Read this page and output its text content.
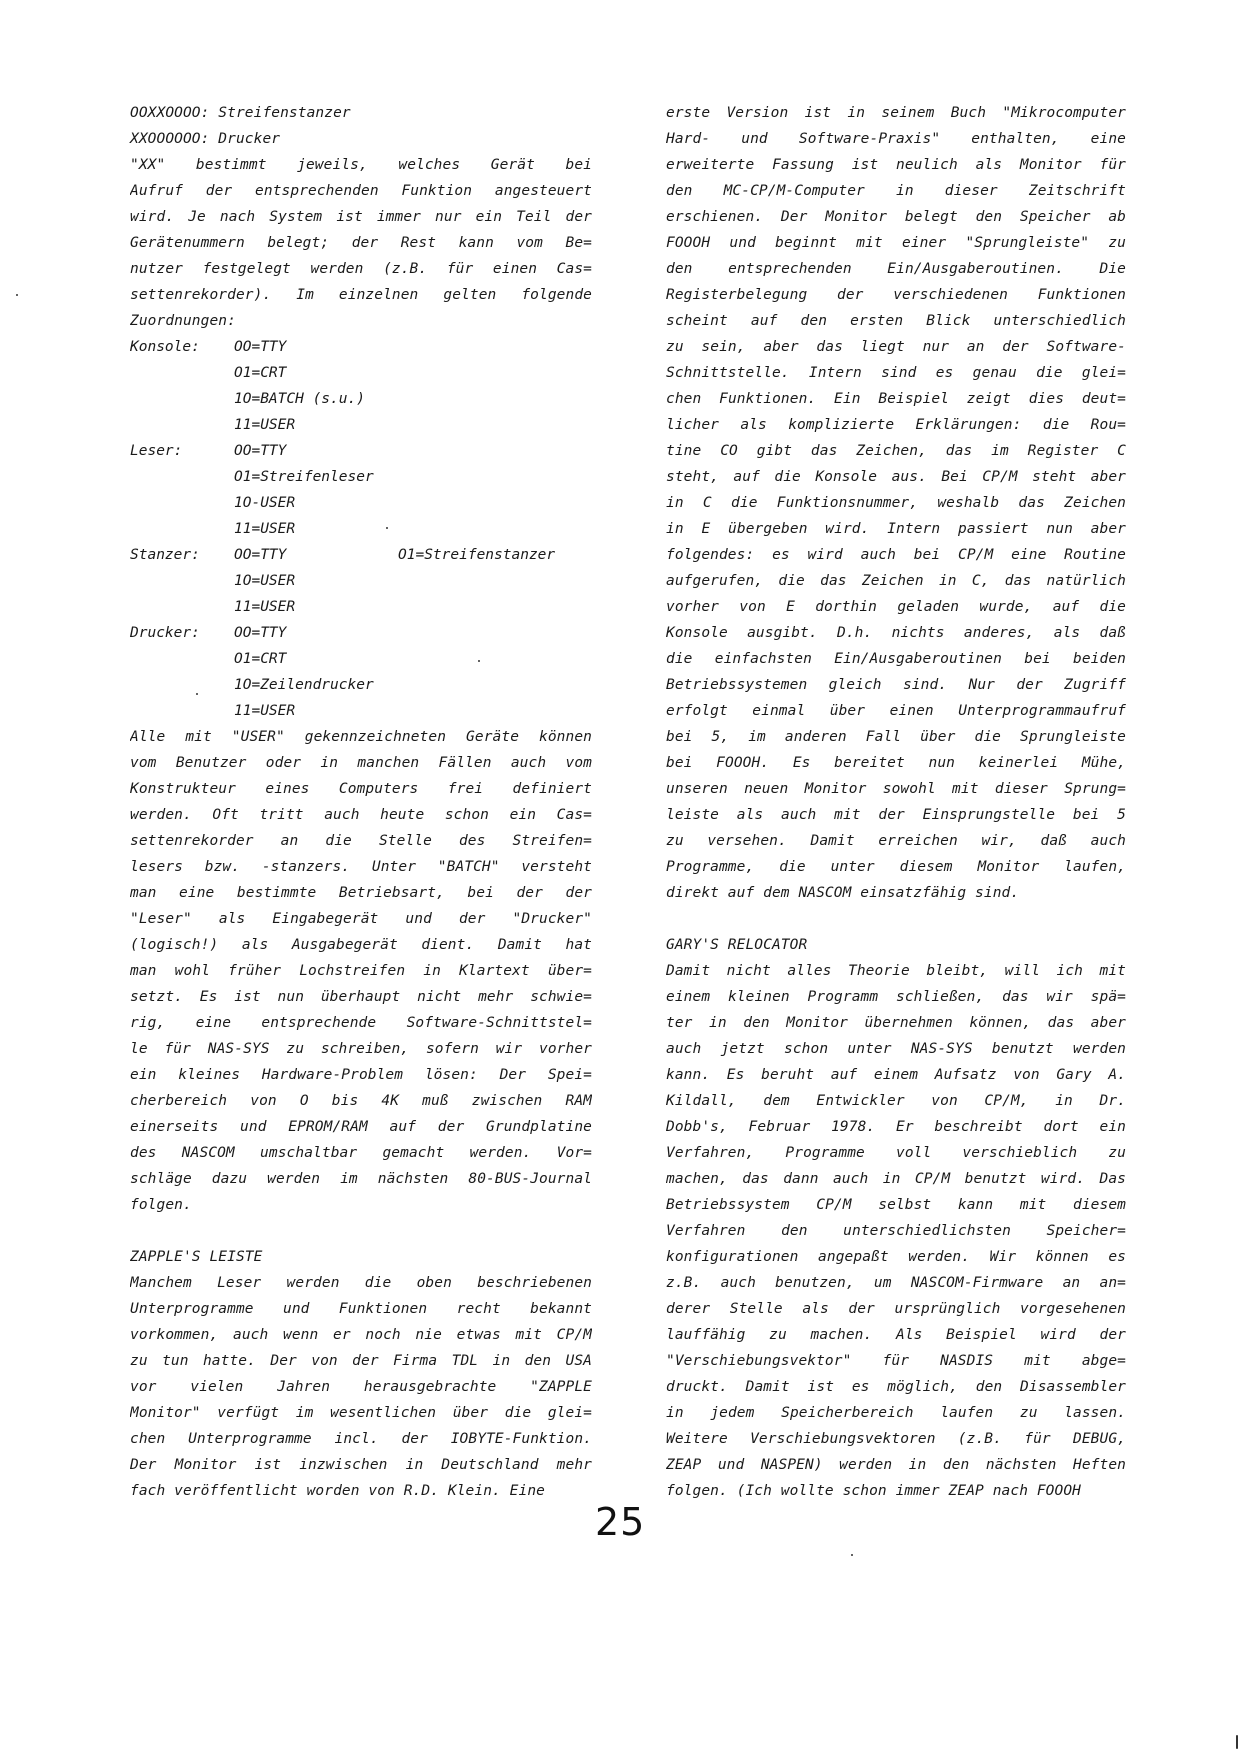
OOXXOOOO: Streifenstanzer
XXOOOOOO: Drucker
"XX" bestimmt jeweils, welches Gerät bei
Aufruf der entsprechenden Funktion angesteuert
wird. Je nach System ist immer nur ein Teil der
Gerätenummern belegt; der Rest kann vom Be=
nutzer festgelegt werden (z.B. für einen Cas=
settenrekorder). Im einzelnen gelten folgende
Zuordnungen:
Konsole: OO=TTY
O1=CRT
1O=BATCH (s.u.)
11=USER
Leser:	OO=TTY
O1=Streifenleser
1O-USER
11=USER
Stanzer: OO=TTY	O1=Streifenstanzer
1O=USER
11=USER
Drucker: OO=TTY
O1=CRT
1O=Zeilendrucker
11=USER
Alle mit "USER" gekennzeichneten Geräte können
vom Benutzer oder in manchen Fällen auch vom
Konstrukteur eines Computers frei definiert
werden. Oft tritt auch heute schon ein Cas=
settenrekorder an die Stelle des Streifen=
lesers bzw. -stanzers. Unter "BATCH" versteht
man eine bestimmte Betriebsart, bei der der
"Leser" als Eingabegerät und der "Drucker"
(logisch!) als Ausgabegerät dient. Damit hat
man wohl früher Lochstreifen in Klartext über=
setzt. Es ist nun überhaupt nicht mehr schwie=
rig, eine entsprechende Software-Schnittstel=
le für NAS-SYS zu schreiben, sofern wir vorher
ein kleines Hardware-Problem lösen: Der Spei=
cherbereich von O bis 4K muß zwischen RAM
einerseits und EPROM/RAM auf der Grundplatine
des NASCOM umschaltbar gemacht werden. Vor=
schläge dazu werden im nächsten 80-BUS-Journal
folgen.
ZAPPLE'S LEISTE
Manchem Leser werden die oben beschriebenen
Unterprogramme und Funktionen recht bekannt
vorkommen, auch wenn er noch nie etwas mit CP/M
zu tun hatte. Der von der Firma TDL in den USA
vor vielen Jahren herausgebrachte "ZAPPLE
Monitor" verfügt im wesentlichen über die glei=
chen Unterprogramme incl. der IOBYTE-Funktion.
Der Monitor ist inzwischen in Deutschland mehr
fach veröffentlicht worden von R.D. Klein. Eine
erste Version ist in seinem Buch "Mikrocomputer
Hard- und Software-Praxis" enthalten, eine
erweiterte Fassung ist neulich als Monitor für
den MC-CP/M-Computer in dieser Zeitschrift
erschienen. Der Monitor belegt den Speicher ab
FOOOH und beginnt mit einer "Sprungleiste" zu
den entsprechenden Ein/Ausgaberoutinen. Die
Registerbelegung der verschiedenen Funktionen
scheint auf den ersten Blick unterschiedlich
zu sein, aber das liegt nur an der Software-
Schnittstelle. Intern sind es genau die glei=
chen Funktionen. Ein Beispiel zeigt dies deut=
licher als komplizierte Erklärungen: die Rou=
tine CO gibt das Zeichen, das im Register C
steht, auf die Konsole aus. Bei CP/M steht aber
in C die Funktionsnummer, weshalb das Zeichen
in E übergeben wird. Intern passiert nun aber
folgendes: es wird auch bei CP/M eine Routine
aufgerufen, die das Zeichen in C, das natürlich
vorher von E dorthin geladen wurde, auf die
Konsole ausgibt. D.h. nichts anderes, als daß
die einfachsten Ein/Ausgaberoutinen bei beiden
Betriebssystemen gleich sind. Nur der Zugriff
erfolgt einmal über einen Unterprogrammaufruf
bei 5, im anderen Fall über die Sprungleiste
bei FOOOH. Es bereitet nun keinerlei Mühe,
unseren neuen Monitor sowohl mit dieser Sprung=
leiste als auch mit der Einsprungstelle bei 5
zu versehen. Damit erreichen wir, daß auch
Programme, die unter diesem Monitor laufen,
direkt auf dem NASCOM einsatzfähig sind.
GARY'S RELOCATOR
Damit nicht alles Theorie bleibt, will ich mit
einem kleinen Programm schließen, das wir spä=
ter in den Monitor übernehmen können, das aber
auch jetzt schon unter NAS-SYS benutzt werden
kann. Es beruht auf einem Aufsatz von Gary A.
Kildall, dem Entwickler von CP/M, in Dr.
Dobb's, Februar 1978. Er beschreibt dort ein
Verfahren, Programme voll verschieblich zu
machen, das dann auch in CP/M benutzt wird. Das
Betriebssystem CP/M selbst kann mit diesem
Verfahren den unterschiedlichsten Speicher=
konfigurationen angepaßt werden. Wir können es
z.B. auch benutzen, um NASCOM-Firmware an an=
derer Stelle als der ursprünglich vorgesehenen
lauffähig zu machen. Als Beispiel wird der
"Verschiebungsvektor" für NASDIS mit abge=
druckt. Damit ist es möglich, den Disassembler
in jedem Speicherbereich laufen zu lassen.
Weitere Verschiebungsvektoren (z.B. für DEBUG,
ZEAP und NASPEN) werden in den nächsten Heften
folgen. (Ich wollte schon immer ZEAP nach FOOOH
25
